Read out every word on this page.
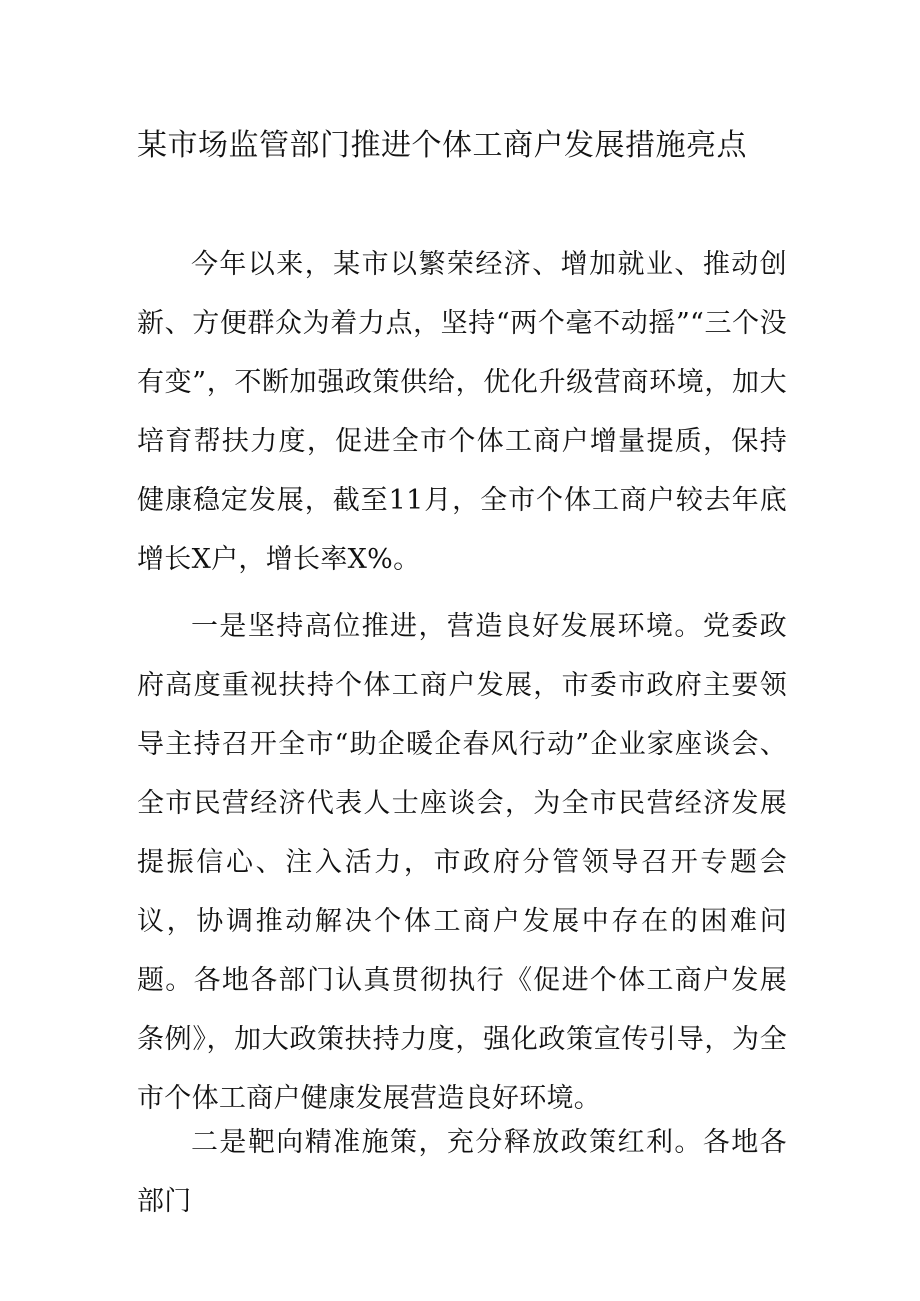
某市场监管部门推进个体工商户发展措施亮点

今年以来，某市以繁荣经济、增加就业、推动创新、方便群众为着力点，坚持“两个毫不动摇”“三个没有变”，不断加强政策供给，优化升级营商环境，加大培育帮扶力度，促进全市个体工商户增量提质，保持健康稳定发展，截至11月，全市个体工商户较去年底增长X户，增长率X%。

一是坚持高位推进，营造良好发展环境。党委政府高度重视扶持个体工商户发展，市委市政府主要领导主持召开全市“助企暖企春风行动”企业家座谈会、全市民营经济代表人士座谈会，为全市民营经济发展提振信心、注入活力，市政府分管领导召开专题会议，协调推动解决个体工商户发展中存在的困难问题。各地各部门认真贯彻执行《促进个体工商户发展条例》，加大政策扶持力度，强化政策宣传引导，为全市个体工商户健康发展营造良好环境。

二是靶向精准施策，充分释放政策红利。各地各部门
